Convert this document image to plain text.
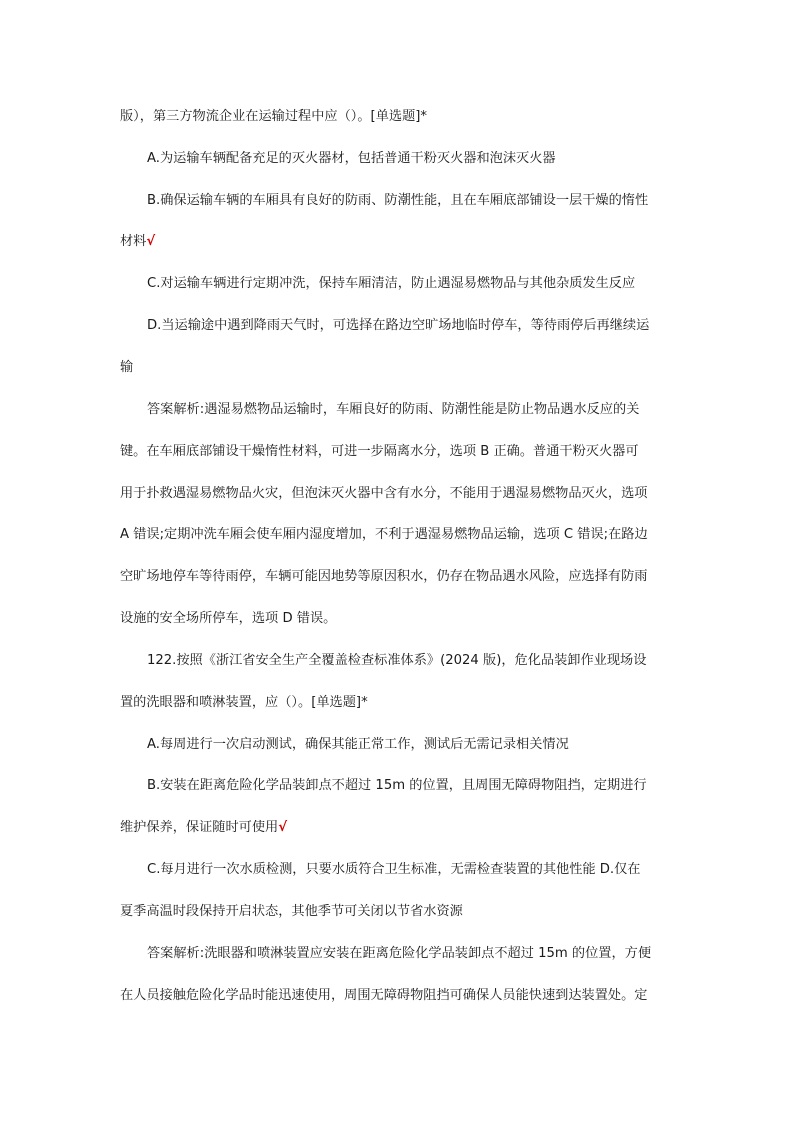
版），第三方物流企业在运输过程中应（）。[单选题]*
A.为运输车辆配备充足的灭火器材，包括普通干粉灭火器和泡沫灭火器
B.确保运输车辆的车厢具有良好的防雨、防潮性能，且在车厢底部铺设一层干燥的惰性
材料√
C.对运输车辆进行定期冲洗，保持车厢清洁，防止遇湿易燃物品与其他杂质发生反应
D.当运输途中遇到降雨天气时，可选择在路边空旷场地临时停车，等待雨停后再继续运
输
答案解析:遇湿易燃物品运输时，车厢良好的防雨、防潮性能是防止物品遇水反应的关
键。在车厢底部铺设干燥惰性材料，可进一步隔离水分，选项 B 正确。普通干粉灭火器可
用于扑救遇湿易燃物品火灾，但泡沫灭火器中含有水分，不能用于遇湿易燃物品灭火，选项
A 错误;定期冲洗车厢会使车厢内湿度增加，不利于遇湿易燃物品运输，选项 C 错误;在路边
空旷场地停车等待雨停，车辆可能因地势等原因积水，仍存在物品遇水风险，应选择有防雨
设施的安全场所停车，选项 D 错误。
122.按照《浙江省安全生产全覆盖检查标准体系》(2024 版)，危化品装卸作业现场设
置的洗眼器和喷淋装置，应（）。[单选题]*
A.每周进行一次启动测试，确保其能正常工作，测试后无需记录相关情况
B.安装在距离危险化学品装卸点不超过 15m 的位置，且周围无障碍物阻挡，定期进行
维护保养，保证随时可使用√
C.每月进行一次水质检测，只要水质符合卫生标准，无需检查装置的其他性能 D.仅在
夏季高温时段保持开启状态，其他季节可关闭以节省水资源
答案解析:洗眼器和喷淋装置应安装在距离危险化学品装卸点不超过 15m 的位置，方便
在人员接触危险化学品时能迅速使用，周围无障碍物阻挡可确保人员能快速到达装置处。定
